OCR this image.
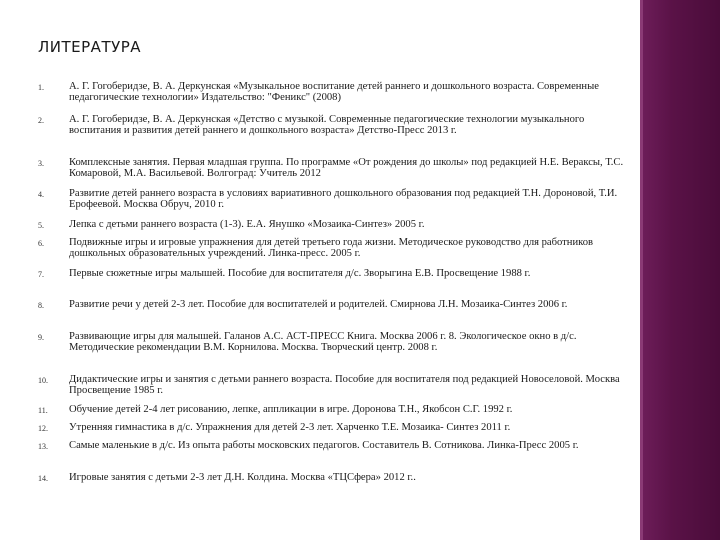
ЛИТЕРАТУРА
1.	А. Г. Гогоберидзе, В. А. Деркунская «Музыкальное воспитание детей раннего и дошкольного возраста. Современные педагогические технологии» Издательство: "Феникс" (2008)
2.	А. Г. Гогоберидзе, В. А. Деркунская «Детство с музыкой. Современные педагогические технологии музыкального воспитания и развития детей раннего и дошкольного возраста» Детство-Пресс 2013 г.
3.	Комплексные занятия. Первая младшая группа. По программе «От рождения до школы» под редакцией Н.Е. Вераксы, Т.С. Комаровой, М.А. Васильевой. Волгоград: Учитель 2012
4.	Развитие детей раннего возраста в условиях вариативного дошкольного образования под редакцией Т.Н. Дороновой, Т.И. Ерофеевой. Москва Обруч, 2010 г.
5.	Лепка с детьми раннего возраста (1-3). Е.А. Янушко «Мозаика-Синтез» 2005 г.
6.	Подвижные игры и игровые упражнения для детей третьего года жизни. Методическое руководство для работников дошкольных образовательных учреждений. Линка-пресс. 2005 г.
7.	Первые сюжетные игры малышей. Пособие для воспитателя д/с. Зворыгина Е.В. Просвещение 1988 г.
8.	Развитие речи у детей 2-3 лет. Пособие для воспитателей и родителей. Смирнова Л.Н. Мозаика-Синтез 2006 г.
9.	Развивающие игры для малышей. Галанов А.С. АСТ-ПРЕСС Книга. Москва 2006 г. 8. Экологическое окно в д/с. Методические рекомендации В.М. Корнилова. Москва. Творческий центр. 2008 г.
10.	Дидактические игры и занятия с детьми раннего возраста. Пособие для воспитателя под редакцией Новоселовой. Москва Просвещение 1985 г.
11.	Обучение детей 2-4 лет рисованию, лепке, аппликации в игре. Доронова Т.Н., Якобсон С.Г. 1992 г.
12.	Утренняя гимнастика в д/с. Упражнения для детей 2-3 лет. Харченко Т.Е. Мозаика- Синтез 2011 г.
13.	Самые маленькие в д/с. Из опыта работы московских педагогов. Составитель В. Сотникова. Линка-Пресс 2005 г.
14.	Игровые занятия с детьми 2-3 лет Д.Н. Колдина. Москва «ТЦСфера» 2012 г..
